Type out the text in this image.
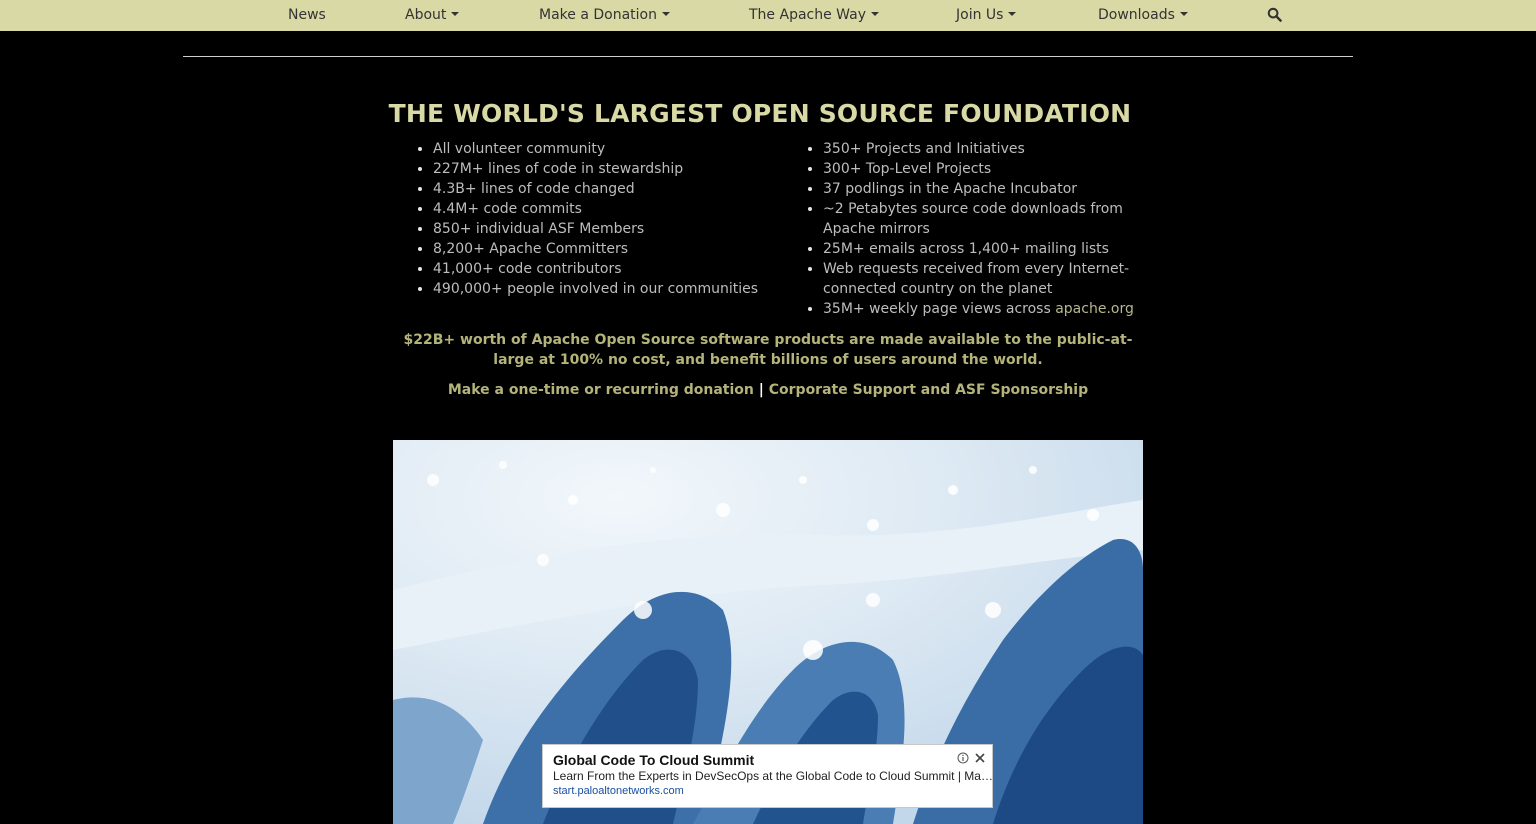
News	About	Make a Donation	The Apache Way	Join Us	Downloads
THE WORLD'S LARGEST OPEN SOURCE FOUNDATION
• All volunteer community
• 227M+ lines of code in stewardship
• 4.3B+ lines of code changed
• 4.4M+ code commits
• 850+ individual ASF Members
• 8,200+ Apache Committers
• 41,000+ code contributors
• 490,000+ people involved in our communities
• 350+ Projects and Initiatives
• 300+ Top-Level Projects
• 37 podlings in the Apache Incubator
• ~2 Petabytes source code downloads from Apache mirrors
• 25M+ emails across 1,400+ mailing lists
• Web requests received from every Internet-connected country on the planet
• 35M+ weekly page views across apache.org
$22B+ worth of Apache Open Source software products are made available to the public-at-large at 100% no cost, and benefit billions of users around the world.
Make a one-time or recurring donation | Corporate Support and ASF Sponsorship
Global Code To Cloud Summit
Learn From the Experts in DevSecOps at the Global Code to Cloud Summit | Ma…
start.paloaltonetworks.com
